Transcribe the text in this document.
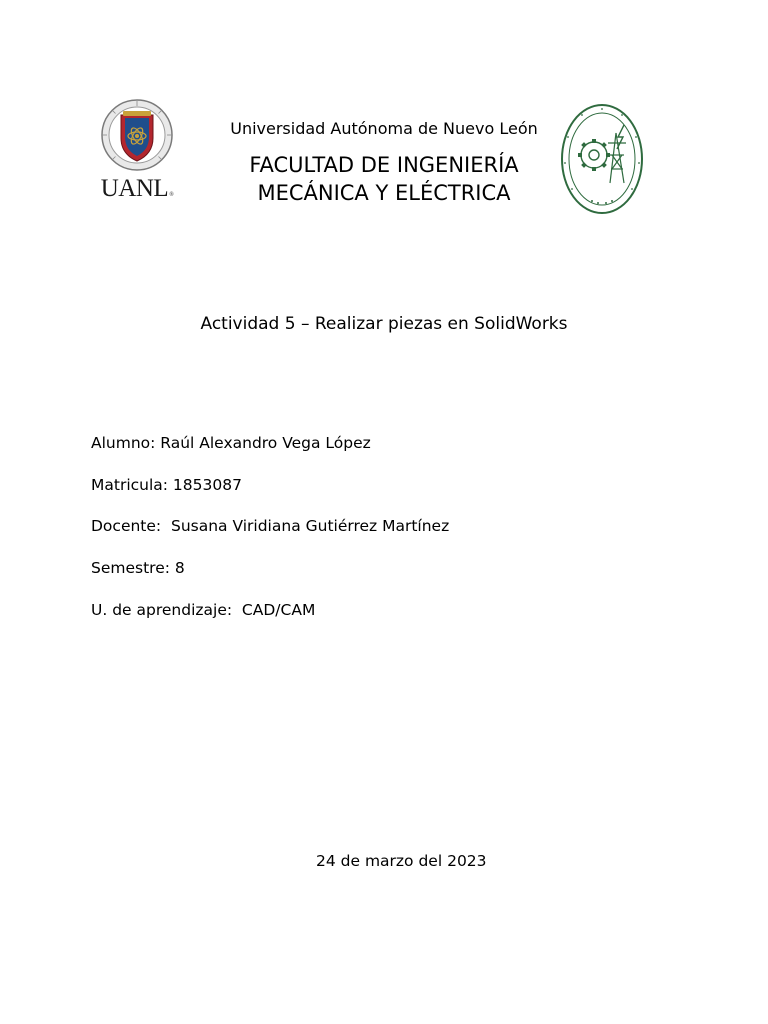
UANL®
Universidad Autónoma de Nuevo León
FACULTAD DE INGENIERÍA
MECÁNICA Y ELÉCTRICA
Actividad 5 – Realizar piezas en SolidWorks
Alumno: Raúl Alexandro Vega López
Matricula: 1853087
Docente:  Susana Viridiana Gutiérrez Martínez
Semestre: 8
U. de aprendizaje:  CAD/CAM
24 de marzo del 2023
